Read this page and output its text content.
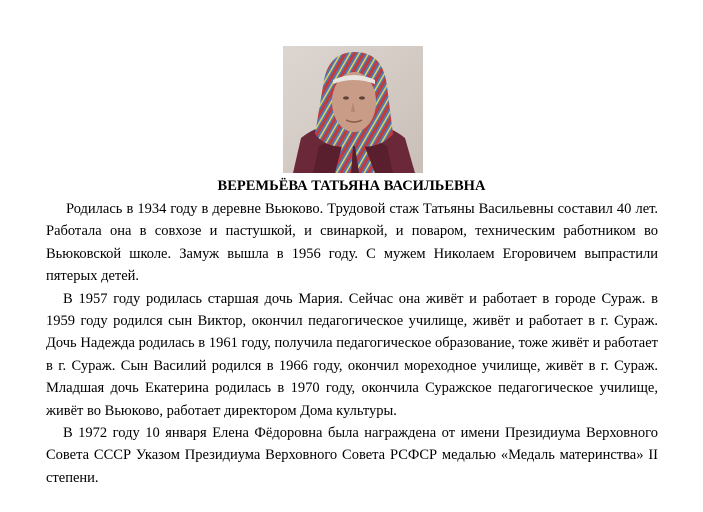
ВЕРЕМЬЁВА ТАТЬЯНА ВАСИЛЬЕВНА

Родилась в 1934 году в деревне Вьюково. Трудовой стаж Татьяны Васильевны составил 40 лет. Работала она в совхозе и пастушкой, и свинаркой, и поваром, техническим работником во Вьюковской школе. Замуж вышла в 1956 году. С мужем Николаем Егоровичем выпрастили пятерых детей.

В 1957 году родилась старшая дочь Мария. Сейчас она живёт и работает в городе Сураж. в 1959 году родился сын Виктор, окончил педагогическое училище, живёт и работает в г. Сураж. Дочь Надежда родилась в 1961 году, получила педагогическое образование, тоже живёт и работает в г. Сураж. Сын Василий родился в 1966 году, окончил мореходное училище, живёт в г. Сураж. Младшая дочь Екатерина родилась в 1970 году, окончила Суражское педагогическое училище, живёт во Вьюково, работает директором Дома культуры.

В 1972 году 10 января Елена Фёдоровна была награждена от имени Президиума Верховного Совета СССР Указом Президиума Верховного Совета РСФСР медалью «Медаль материнства» II степени.
